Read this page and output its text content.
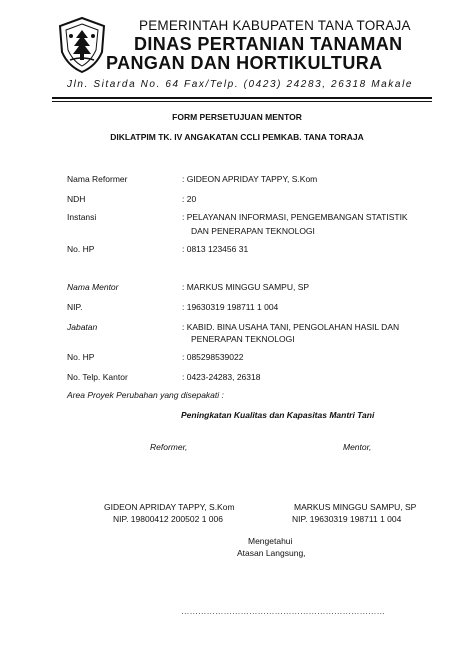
PEMERINTAH KABUPATEN TANA TORAJA
DINAS PERTANIAN TANAMAN
PANGAN DAN HORTIKULTURA
Jln. Sitarda No. 64 Fax/Telp. (0423) 24283, 26318 Makale
FORM PERSETUJUAN MENTOR
DIKLATPIM TK. IV ANGAKATAN CCLI PEMKAB. TANA TORAJA
Nama Reformer	: GIDEON APRIDAY TAPPY, S.Kom
NDH	: 20
Instansi	: PELAYANAN INFORMASI, PENGEMBANGAN STATISTIK
DAN PENERAPAN TEKNOLOGI
No. HP	: 0813 123456 31
Nama Mentor	: MARKUS MINGGU SAMPU, SP
NIP.	: 19630319 198711 1 004
Jabatan	: KABID. BINA USAHA TANI, PENGOLAHAN HASIL DAN
PENERAPAN TEKNOLOGI
No. HP	: 085298539022
No. Telp. Kantor	: 0423-24283, 26318
Area Proyek Perubahan yang disepakati :
Peningkatan Kualitas dan Kapasitas Mantri Tani
Reformer,	Mentor,
GIDEON APRIDAY TAPPY, S.Kom
NIP. 19800412 200502 1 006
MARKUS MINGGU SAMPU, SP
NIP. 19630319 198711 1 004
Mengetahui
Atasan Langsung,
………………………………………………………………
